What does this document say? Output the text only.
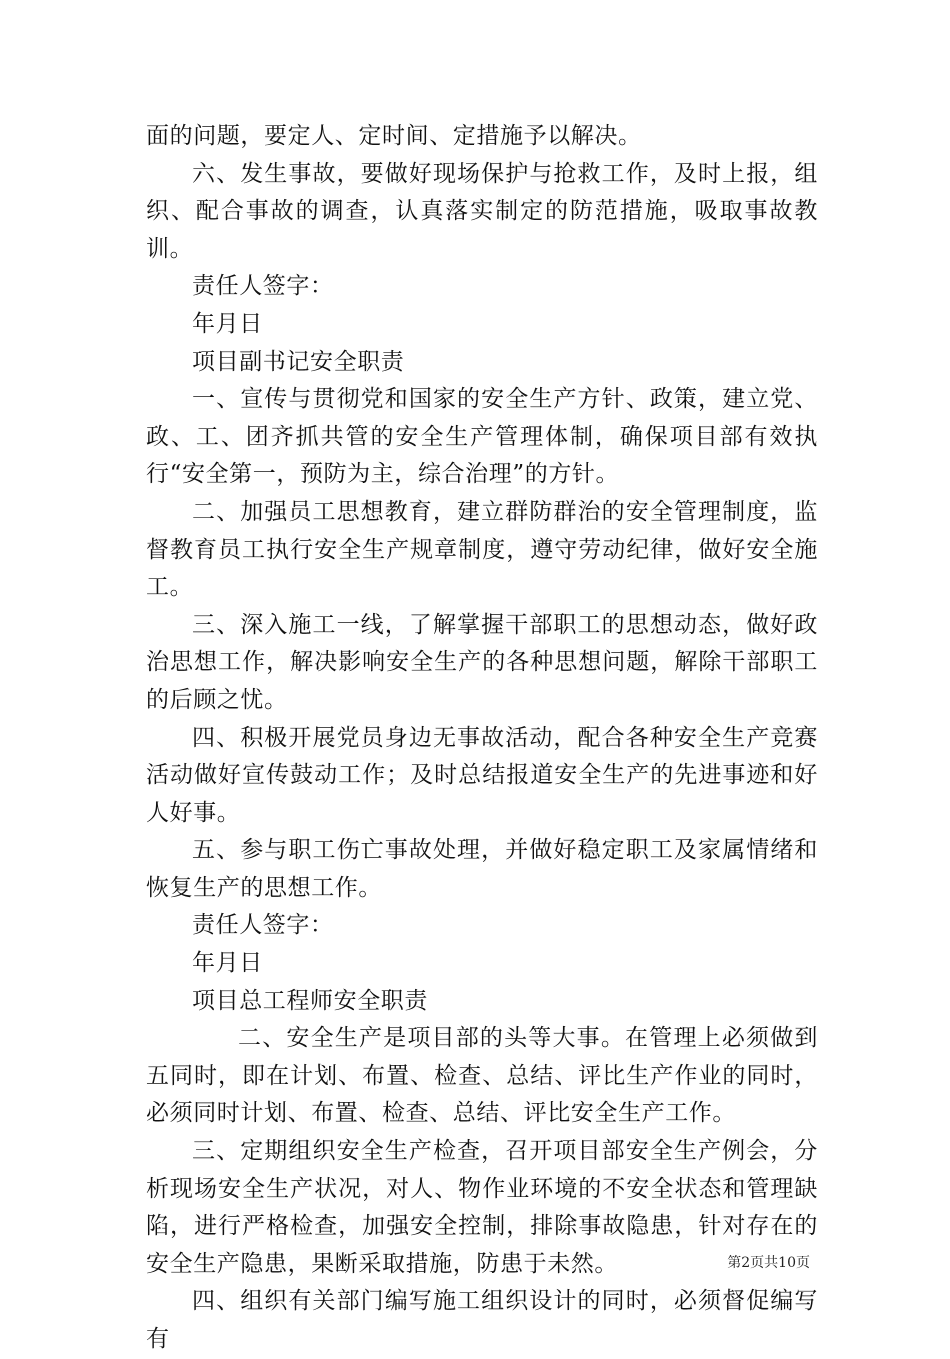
面的问题，要定人、定时间、定措施予以解决。

六、发生事故，要做好现场保护与抢救工作，及时上报，组织、配合事故的调查，认真落实制定的防范措施，吸取事故教训。

责任人签字：

年月日

项目副书记安全职责

一、宣传与贯彻党和国家的安全生产方针、政策，建立党、政、工、团齐抓共管的安全生产管理体制，确保项目部有效执行“安全第一，预防为主，综合治理”的方针。

二、加强员工思想教育，建立群防群治的安全管理制度，监督教育员工执行安全生产规章制度，遵守劳动纪律，做好安全施工。

三、深入施工一线，了解掌握干部职工的思想动态，做好政治思想工作，解决影响安全生产的各种思想问题，解除干部职工的后顾之忧。

四、积极开展党员身边无事故活动，配合各种安全生产竞赛活动做好宣传鼓动工作；及时总结报道安全生产的先进事迹和好人好事。

五、参与职工伤亡事故处理，并做好稳定职工及家属情绪和恢复生产的思想工作。

责任人签字：

年月日

项目总工程师安全职责

二、安全生产是项目部的头等大事。在管理上必须做到五同时，即在计划、布置、检查、总结、评比生产作业的同时，必须同时计划、布置、检查、总结、评比安全生产工作。

三、定期组织安全生产检查，召开项目部安全生产例会，分析现场安全生产状况，对人、物作业环境的不安全状态和管理缺陷，进行严格检查，加强安全控制，排除事故隐患，针对存在的安全生产隐患，果断采取措施，防患于未然。

四、组织有关部门编写施工组织设计的同时，必须督促编写有

第2页共10页
